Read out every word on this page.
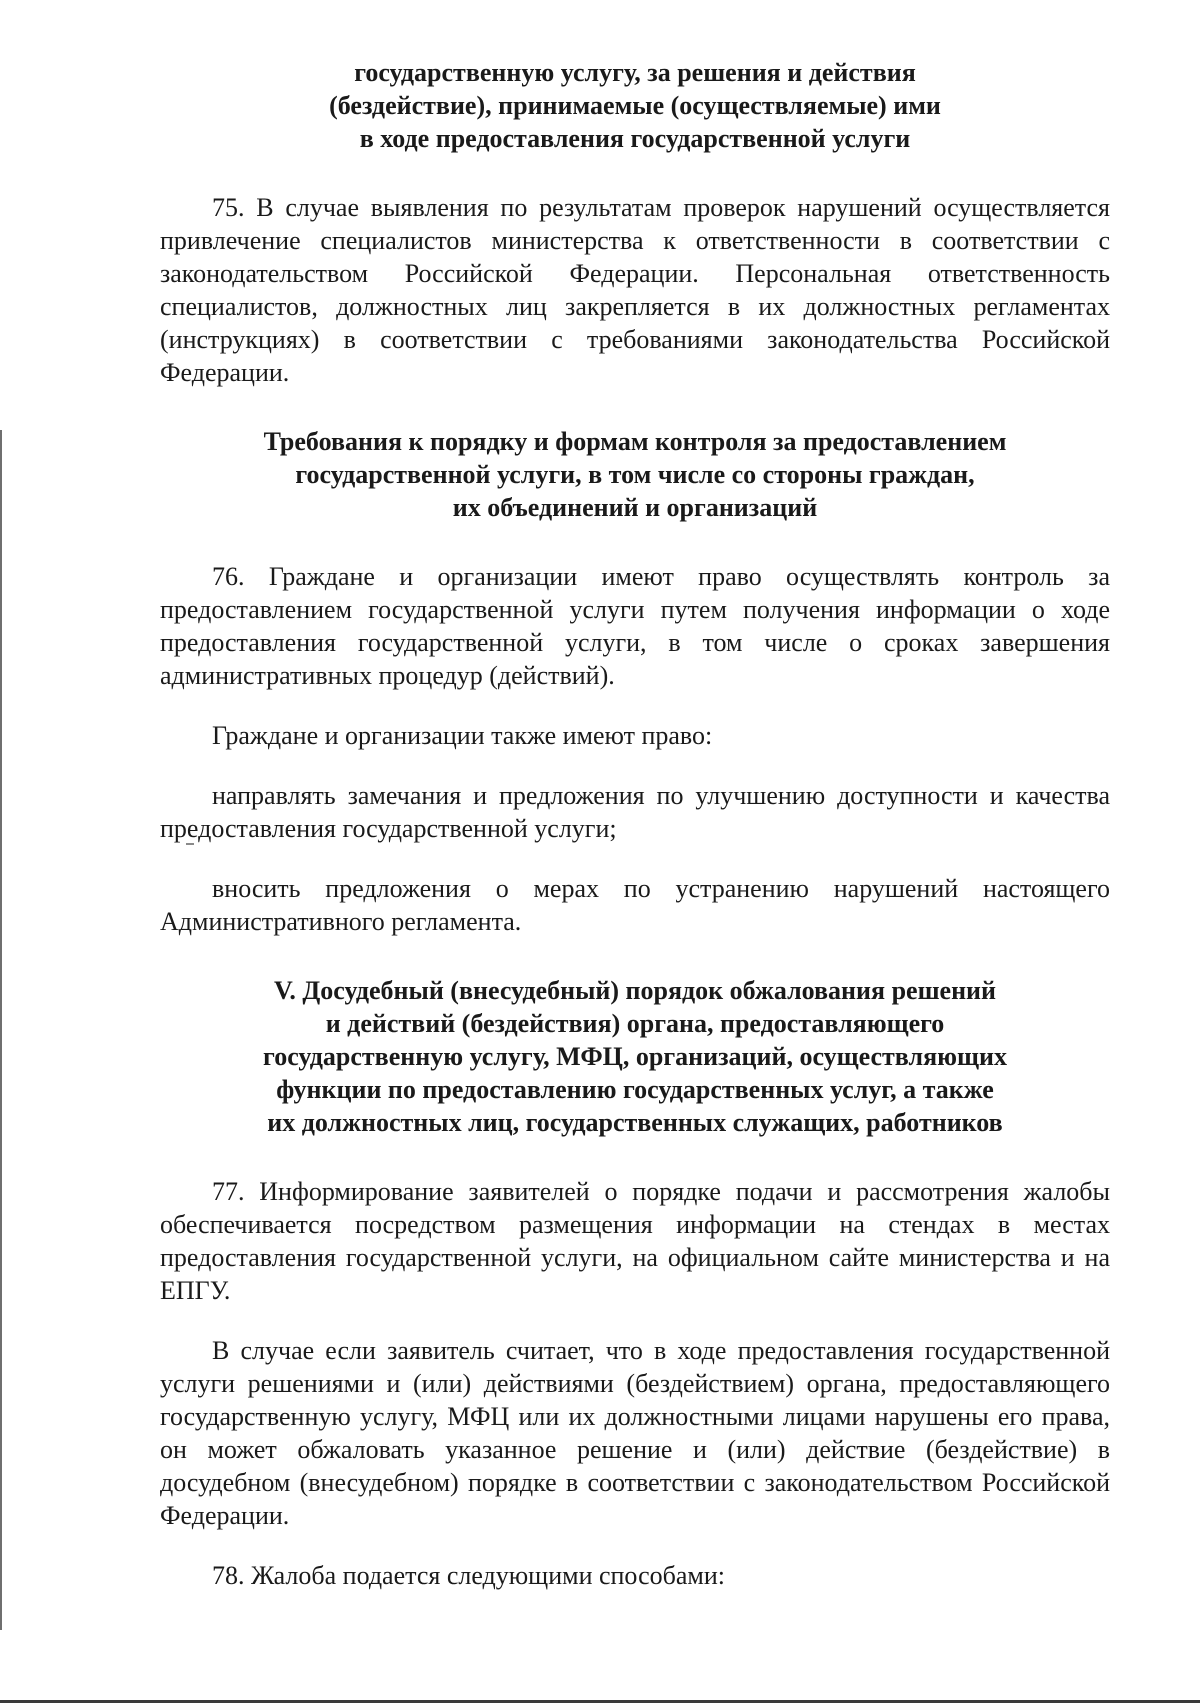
государственную услугу, за решения и действия
(бездействие), принимаемые (осуществляемые) ими
в ходе предоставления государственной услуги

75. В случае выявления по результатам проверок нарушений осуществляется привлечение специалистов министерства к ответственности в соответствии с законодательством Российской Федерации. Персональная ответственность специалистов, должностных лиц закрепляется в их должностных регламентах (инструкциях) в соответствии с требованиями законодательства Российской Федерации.

Требования к порядку и формам контроля за предоставлением
государственной услуги, в том числе со стороны граждан,
их объединений и организаций

76. Граждане и организации имеют право осуществлять контроль за предоставлением государственной услуги путем получения информации о ходе предоставления государственной услуги, в том числе о сроках завершения административных процедур (действий).

Граждане и организации также имеют право:

направлять замечания и предложения по улучшению доступности и качества предоставления государственной услуги;

вносить предложения о мерах по устранению нарушений настоящего Административного регламента.

V. Досудебный (внесудебный) порядок обжалования решений
и действий (бездействия) органа, предоставляющего
государственную услугу, МФЦ, организаций, осуществляющих
функции по предоставлению государственных услуг, а также
их должностных лиц, государственных служащих, работников

77. Информирование заявителей о порядке подачи и рассмотрения жалобы обеспечивается посредством размещения информации на стендах в местах предоставления государственной услуги, на официальном сайте министерства и на ЕПГУ.

В случае если заявитель считает, что в ходе предоставления государственной услуги решениями и (или) действиями (бездействием) органа, предоставляющего государственную услугу, МФЦ или их должностными лицами нарушены его права, он может обжаловать указанное решение и (или) действие (бездействие) в досудебном (внесудебном) порядке в соответствии с законодательством Российской Федерации.

78. Жалоба подается следующими способами:
